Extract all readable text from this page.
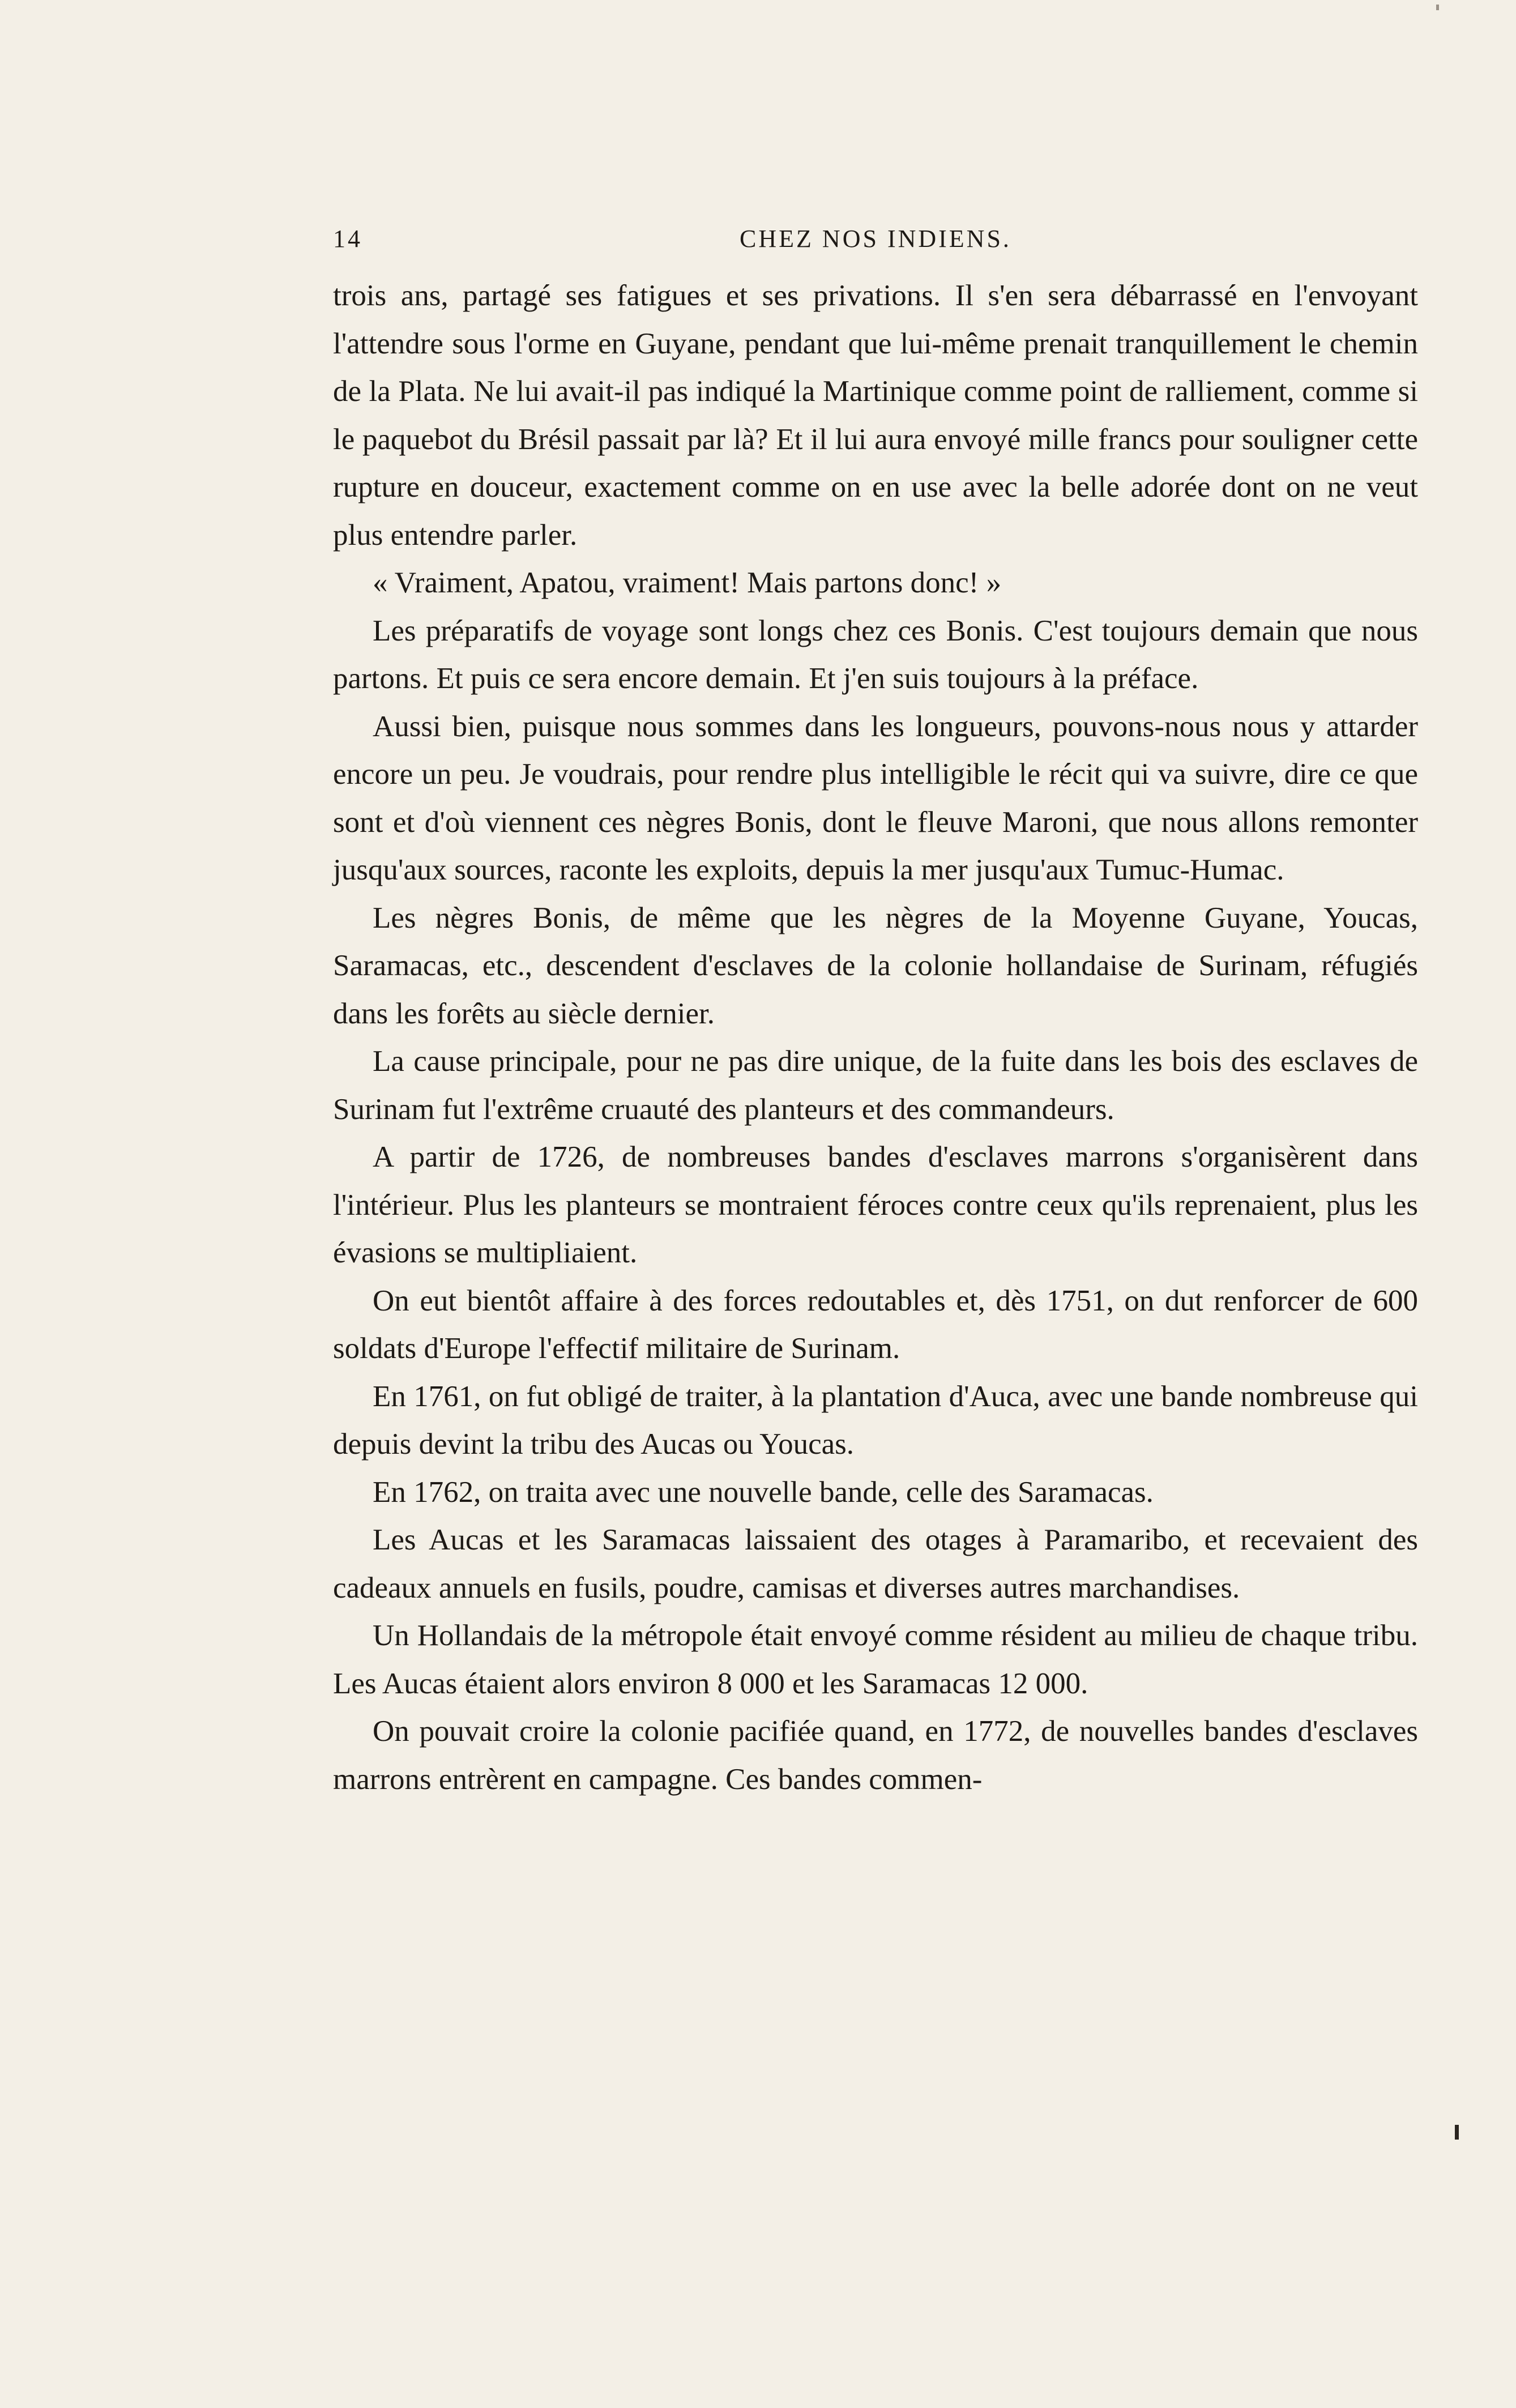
14	CHEZ NOS INDIENS.

trois ans, partagé ses fatigues et ses privations. Il s'en sera débarrassé en l'envoyant l'attendre sous l'orme en Guyane, pendant que lui-même prenait tranquillement le chemin de la Plata. Ne lui avait-il pas indiqué la Martinique comme point de ralliement, comme si le paquebot du Brésil passait par là? Et il lui aura envoyé mille francs pour souligner cette rupture en douceur, exactement comme on en use avec la belle adorée dont on ne veut plus entendre parler.

« Vraiment, Apatou, vraiment! Mais partons donc! »

Les préparatifs de voyage sont longs chez ces Bonis. C'est toujours demain que nous partons. Et puis ce sera encore demain. Et j'en suis toujours à la préface.

Aussi bien, puisque nous sommes dans les longueurs, pouvons-nous nous y attarder encore un peu. Je voudrais, pour rendre plus intelligible le récit qui va suivre, dire ce que sont et d'où viennent ces nègres Bonis, dont le fleuve Maroni, que nous allons remonter jusqu'aux sources, raconte les exploits, depuis la mer jusqu'aux Tumuc-Humac.

Les nègres Bonis, de même que les nègres de la Moyenne Guyane, Youcas, Saramacas, etc., descendent d'esclaves de la colonie hollandaise de Surinam, réfugiés dans les forêts au siècle dernier.

La cause principale, pour ne pas dire unique, de la fuite dans les bois des esclaves de Surinam fut l'extrême cruauté des planteurs et des commandeurs.

A partir de 1726, de nombreuses bandes d'esclaves marrons s'organisèrent dans l'intérieur. Plus les planteurs se montraient féroces contre ceux qu'ils reprenaient, plus les évasions se multipliaient.

On eut bientôt affaire à des forces redoutables et, dès 1751, on dut renforcer de 600 soldats d'Europe l'effectif militaire de Surinam.

En 1761, on fut obligé de traiter, à la plantation d'Auca, avec une bande nombreuse qui depuis devint la tribu des Aucas ou Youcas.

En 1762, on traita avec une nouvelle bande, celle des Saramacas.

Les Aucas et les Saramacas laissaient des otages à Paramaribo, et recevaient des cadeaux annuels en fusils, poudre, camisas et diverses autres marchandises.

Un Hollandais de la métropole était envoyé comme résident au milieu de chaque tribu. Les Aucas étaient alors environ 8 000 et les Saramacas 12 000.

On pouvait croire la colonie pacifiée quand, en 1772, de nouvelles bandes d'esclaves marrons entrèrent en campagne. Ces bandes commen-
